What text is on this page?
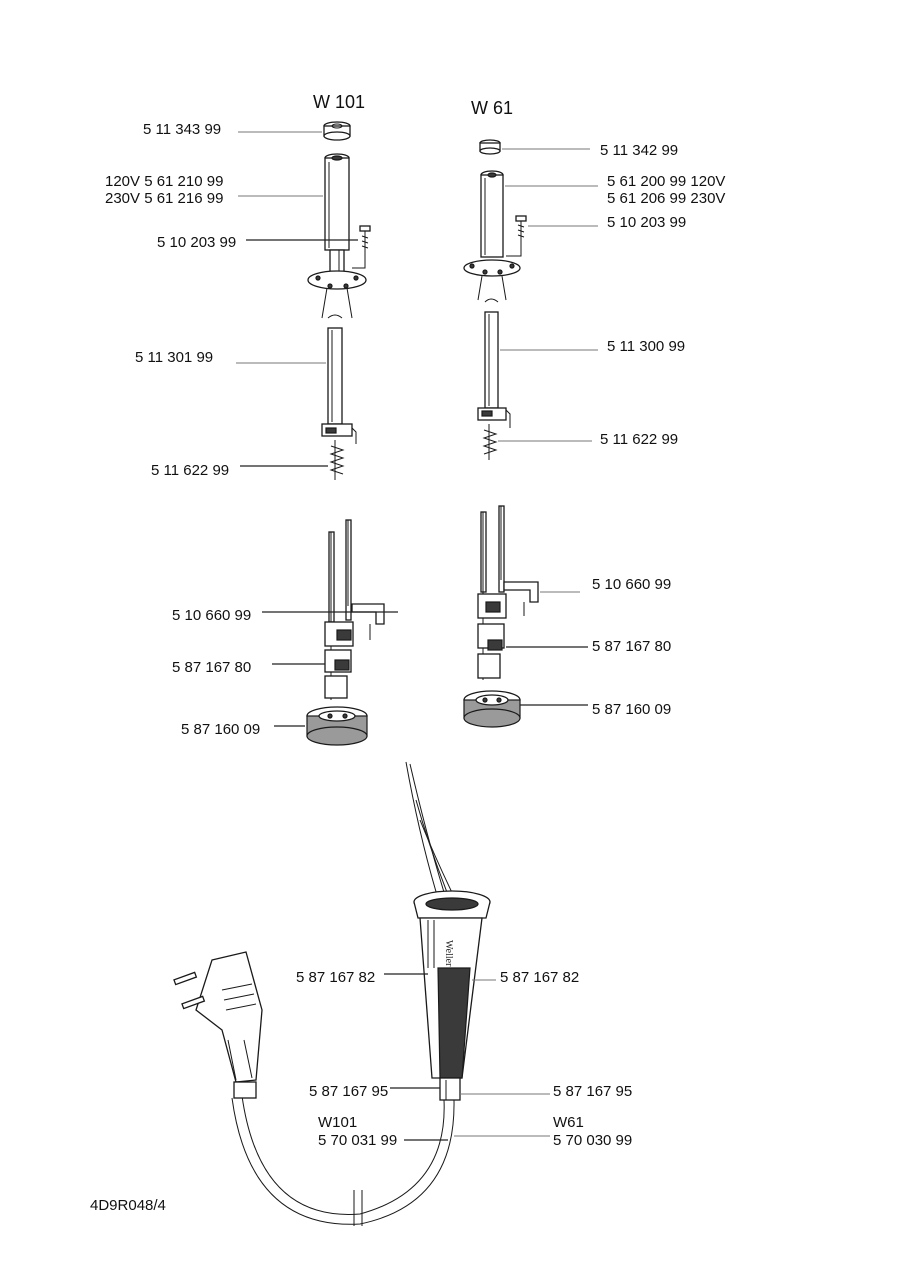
Weller
W 101	W 61
5 11 343 99
120V 5 61 210 99
230V 5 61 216 99
5 10 203 99
5 11 301 99
5 11 622 99
5 10 660 99
5 87 167 80
5 87 160 09
5 11 342 99
5 61 200 99 120V
5 61 206 99 230V
5 10 203 99
5 11 300 99
5 11 622 99
5 10 660 99
5 87 167 80
5 87 160 09
5 87 167 82	5 87 167 82
5 87 167 95	5 87 167 95
W101
5 70 031 99
W61
5 70 030 99
4D9R048/4
